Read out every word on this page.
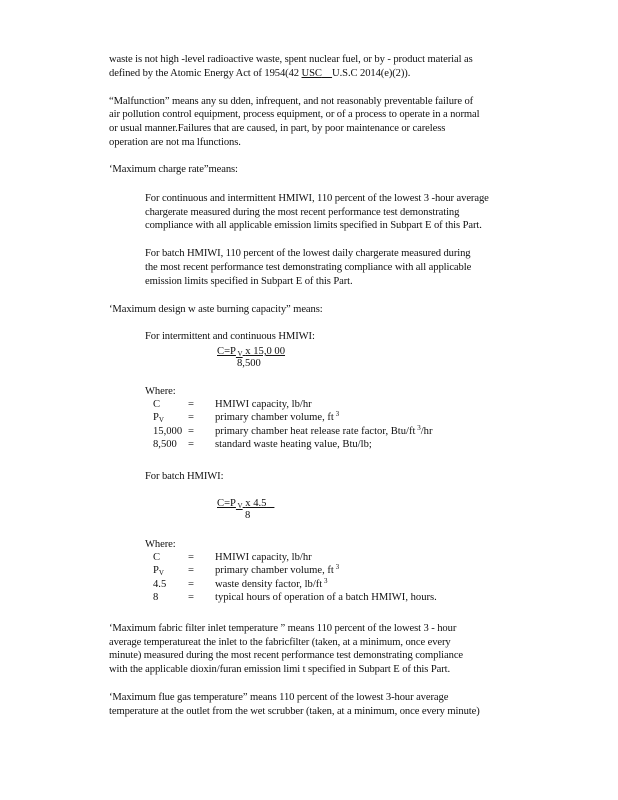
waste is not high -level radioactive waste, spent nuclear fuel, or by - product material as
defined by the Atomic Energy Act of 1954(42 USC U.S.C 2014(e)(2)).
“Malfunction” means any su dden, infrequent, and not reasonably preventable failure of
air pollution control equipment, process equipment, or of a process to operate in a normal
or usual manner.Failures that are caused, in part, by poor maintenance or careless
operation are not ma lfunctions.
‘Maximum charge rate”means:
For continuous and intermittent HMIWI, 110 percent of the lowest 3 -hour average
chargerate measured during the most recent performance test demonstrating
compliance with all applicable emission limits specified in Subpart E of this Part.
For batch HMIWI, 110 percent of the lowest daily chargerate measured during
the most recent performance test demonstrating compliance with all applicable
emission limits specified in Subpart E of this Part.
‘Maximum design w aste burning capacity” means:
For intermittent and continuous HMIWI:
C=P $_V$ x 15,0 00
8,500
Where:
C	= HMIWI capacity, lb/hr
$P_V$ = primary chamber volume, ft $^3$
15,000 = primary chamber heat release rate factor, Btu/ft $^3$/hr
8,500 = standard waste heating value, Btu/lb;
For batch HMIWI:
C=P $_V$ x 4.5
8
Where:
C	= HMIWI capacity, lb/hr
$P_V$ = primary chamber volume, ft $^3$
4.5 = waste density factor, lb/ft $^3$
8	= typical hours of operation of a batch HMIWI, hours.
‘Maximum fabric filter inlet temperature ” means 110 percent of the lowest 3 - hour
average temperatureat the inlet to the fabricfilter (taken, at a minimum, once every
minute) measured during the most recent performance test demonstrating compliance
with the applicable dioxin/furan emission limi t specified in Subpart E of this Part.
‘Maximum flue gas temperature” means 110 percent of the lowest 3-hour average
temperature at the outlet from the wet scrubber (taken, at a minimum, once every minute)
